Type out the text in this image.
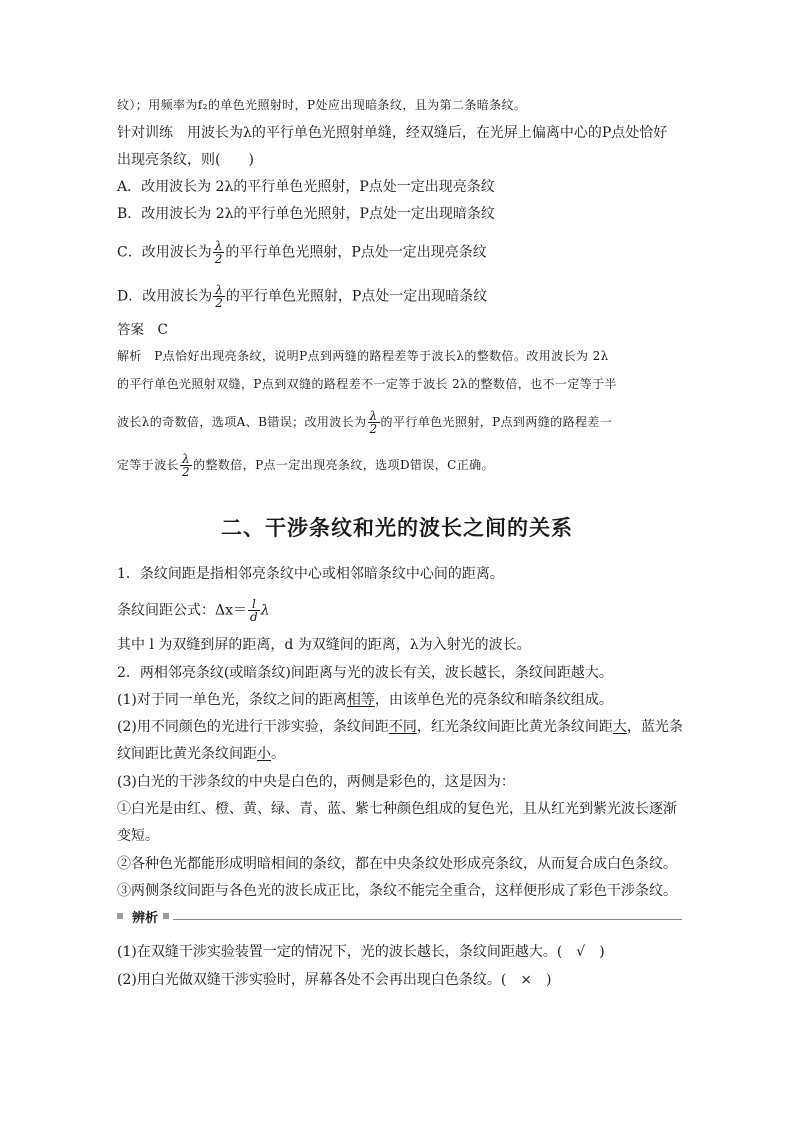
纹）；用频率为f₂的单色光照射时，P处应出现暗条纹，且为第二条暗条纹。
针对训练　用波长为λ的平行单色光照射单缝，经双缝后，在光屏上偏离中心的P点处恰好
出现亮条纹，则(　　)
A．改用波长为 2λ的平行单色光照射，P点处一定出现亮条纹
B．改用波长为 2λ的平行单色光照射，P点处一定出现暗条纹
C．改用波长为 $\frac{\lambda}{2}$ 的平行单色光照射，P点处一定出现亮条纹
D．改用波长为 $\frac{\lambda}{2}$ 的平行单色光照射，P点处一定出现暗条纹
答案　C
解析　P点恰好出现亮条纹，说明P点到两缝的路程差等于波长λ的整数倍。改用波长为 2λ
的平行单色光照射双缝，P点到双缝的路程差不一定等于波长 2λ的整数倍，也不一定等于半
波长λ的奇数倍，选项A、B错误；改用波长为 $\frac{\lambda}{2}$ 的平行单色光照射，P点到两缝的路程差一
定等于波长 $\frac{\lambda}{2}$ 的整数倍，P点一定出现亮条纹，选项D错误，C正确。
二、干涉条纹和光的波长之间的关系
1．条纹间距是指相邻亮条纹中心或相邻暗条纹中心间的距离。
条纹间距公式：$\Delta x= \frac{l}{d}$ λ
其中 l 为双缝到屏的距离，d 为双缝间的距离，λ为入射光的波长。
2．两相邻亮条纹(或暗条纹)间距离与光的波长有关，波长越长，条纹间距越大。
(1)对于同一单色光，条纹之间的距离相等，由该单色光的亮条纹和暗条纹组成。
(2)用不同颜色的光进行干涉实验，条纹间距不同，红光条纹间距比黄光条纹间距大，蓝光条
纹间距比黄光条纹间距小。
(3)白光的干涉条纹的中央是白色的，两侧是彩色的，这是因为：
①白光是由红、橙、黄、绿、青、蓝、紫七种颜色组成的复色光，且从红光到紫光波长逐渐
变短。
②各种色光都能形成明暗相间的条纹，都在中央条纹处形成亮条纹，从而复合成白色条纹。
③两侧条纹间距与各色光的波长成正比，条纹不能完全重合，这样便形成了彩色干涉条纹。
辨析
(1)在双缝干涉实验装置一定的情况下，光的波长越长，条纹间距越大。(　√　)
(2)用白光做双缝干涉实验时，屏幕各处不会再出现白色条纹。(　×　)
